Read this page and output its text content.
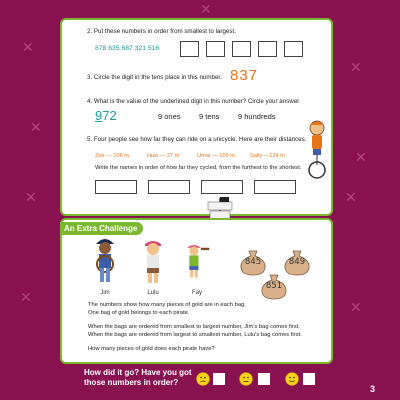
✕
✕
✕
✕
✕	✕
✕
✕
✕
2. Put these numbers in order from smallest to largest.
878 635 687 321 516
3. Circle the digit in the tens place in this number. 837
4. What is the value of the underlined digit in this number? Circle your answer.
972	9 ones 9 tens 9 hundreds
5. Four people see how far they can ride on a unicycle. Here are their distances.
Zoe — 106 m	Huw — 27 m	Umar — 109 m	Sally —124 m
Write the names in order of how far they cycled, from the furthest to the shortest.
An Extra Challenge
Jim	Lulu	Fay
845	849
851
The numbers show how many pieces of gold are in each bag.
One bag of gold belongs to each pirate.
When the bags are ordered from smallest to largest number, Jim's bag comes first.
When the bags are ordered from largest to smallest number, Lulu's bag comes first.
How many pieces of gold does each pirate have?
How did it go? Have you got
those numbers in order?
3
